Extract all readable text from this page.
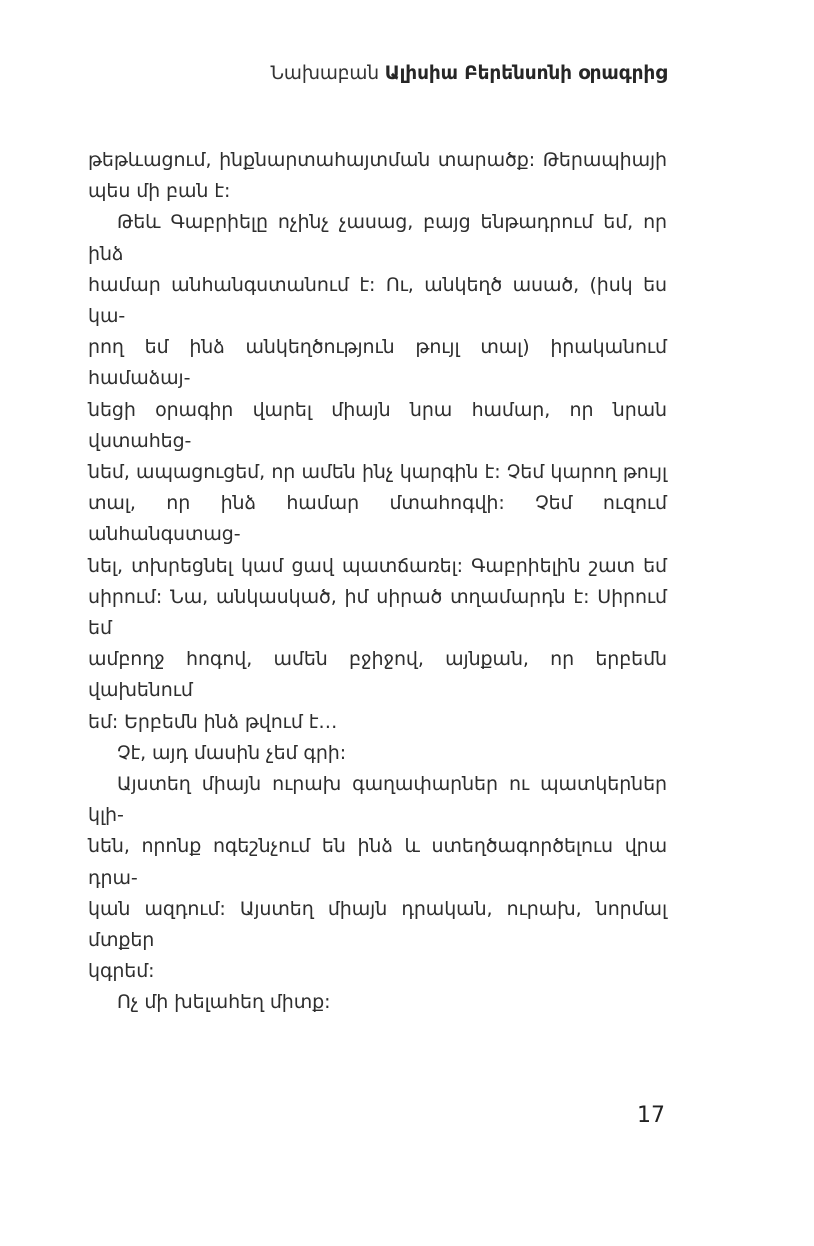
Նախաբան Ալիսիա Բերենսոնի օրագրից
թեթևացում, ինքնարտահայտման տարածք: Թերապիայի
պես մի բան է:
Թեև Գաբրիելը ոչինչ չասաց, բայց ենթադրում եմ, որ ինձ
համար անհանգստանում է: Ու, անկեղծ ասած, (իսկ ես կա-
րող եմ ինձ անկեղծություն թույլ տալ) իրականում համաձայ-
նեցի օրագիր վարել միայն նրա համար, որ նրան վստահեց-
նեմ, ապացուցեմ, որ ամեն ինչ կարգին է: Չեմ կարող թույլ
տալ, որ ինձ համար մտահոգվի: Չեմ ուզում անհանգստաց-
նել, տխրեցնել կամ ցավ պատճառել: Գաբրիելին շատ եմ
սիրում: Նա, անկասկած, իմ սիրած տղամարդն է: Սիրում եմ
ամբողջ հոգով, ամեն բջիջով, այնքան, որ երբեմն վախենում
եմ: Երբեմն ինձ թվում է…
Չէ, այդ մասին չեմ գրի:
Այստեղ միայն ուրախ գաղափարներ ու պատկերներ կլի-
նեն, որոնք ոգեշնչում են ինձ և ստեղծագործելուս վրա դրա-
կան ազդում: Այստեղ միայն դրական, ուրախ, նորմալ մտքեր
կգրեմ:
Ոչ մի խելահեղ միտք:
17
